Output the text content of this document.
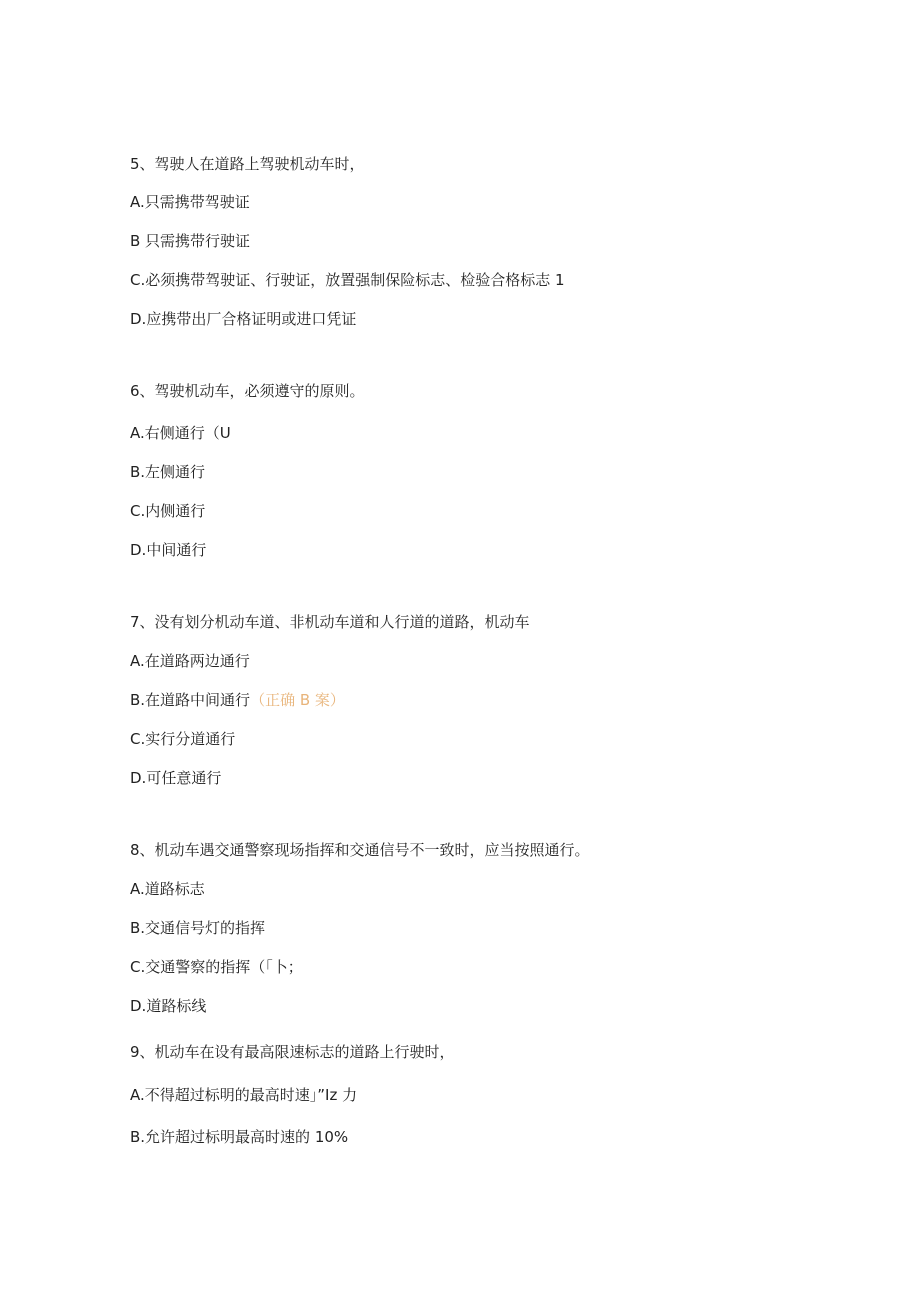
5、驾驶人在道路上驾驶机动车时，

A.只需携带驾驶证

B 只需携带行驶证

C.必须携带驾驶证、行驶证，放置强制保险标志、检验合格标志 1

D.应携带出厂合格证明或进口凭证

6、驾驶机动车，必须遵守的原则。

A.右侧通行（U

B.左侧通行

C.内侧通行

D.中间通行

7、没有划分机动车道、非机动车道和人行道的道路，机动车

A.在道路两边通行

B.在道路中间通行（正确 B 案）

C.实行分道通行

D.可任意通行

8、机动车遇交通警察现场指挥和交通信号不一致时，应当按照通行。

A.道路标志

B.交通信号灯的指挥

C.交通警察的指挥（「卜；

D.道路标线

9、机动车在设有最高限速标志的道路上行驶时，

A.不得超过标明的最高时速」”Iz 力

B.允许超过标明最高时速的 10%
